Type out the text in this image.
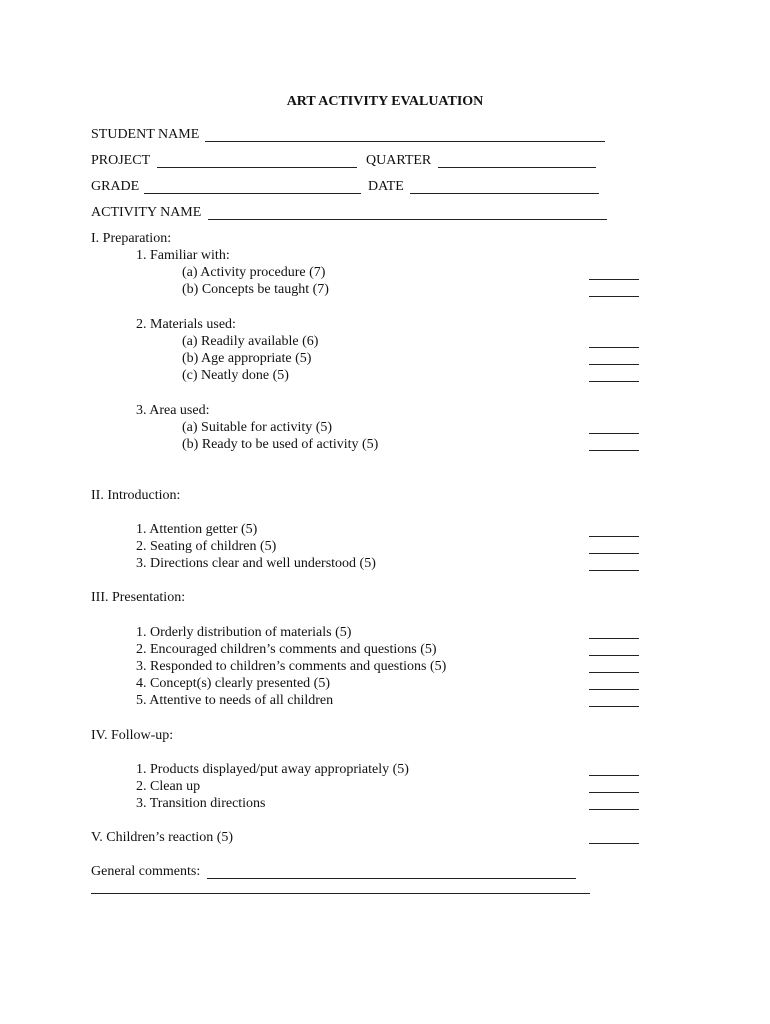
ART ACTIVITY EVALUATION
STUDENT NAME
PROJECT	QUARTER
GRADE	DATE
ACTIVITY NAME
I. Preparation:
1. Familiar with:
(a) Activity procedure (7)
(b) Concepts be taught (7)
2. Materials used:
(a) Readily available (6)
(b) Age appropriate (5)
(c) Neatly done (5)
3. Area used:
(a) Suitable for activity (5)
(b) Ready to be used of activity (5)
II. Introduction:
1. Attention getter (5)
2. Seating of children (5)
3. Directions clear and well understood (5)
III. Presentation:
1. Orderly distribution of materials (5)
2. Encouraged children’s comments and questions (5)
3. Responded to children’s comments and questions (5)
4. Concept(s) clearly presented (5)
5. Attentive to needs of all children
IV. Follow-up:
1. Products displayed/put away appropriately (5)
2. Clean up
3. Transition directions
V. Children’s reaction (5)
General comments:
